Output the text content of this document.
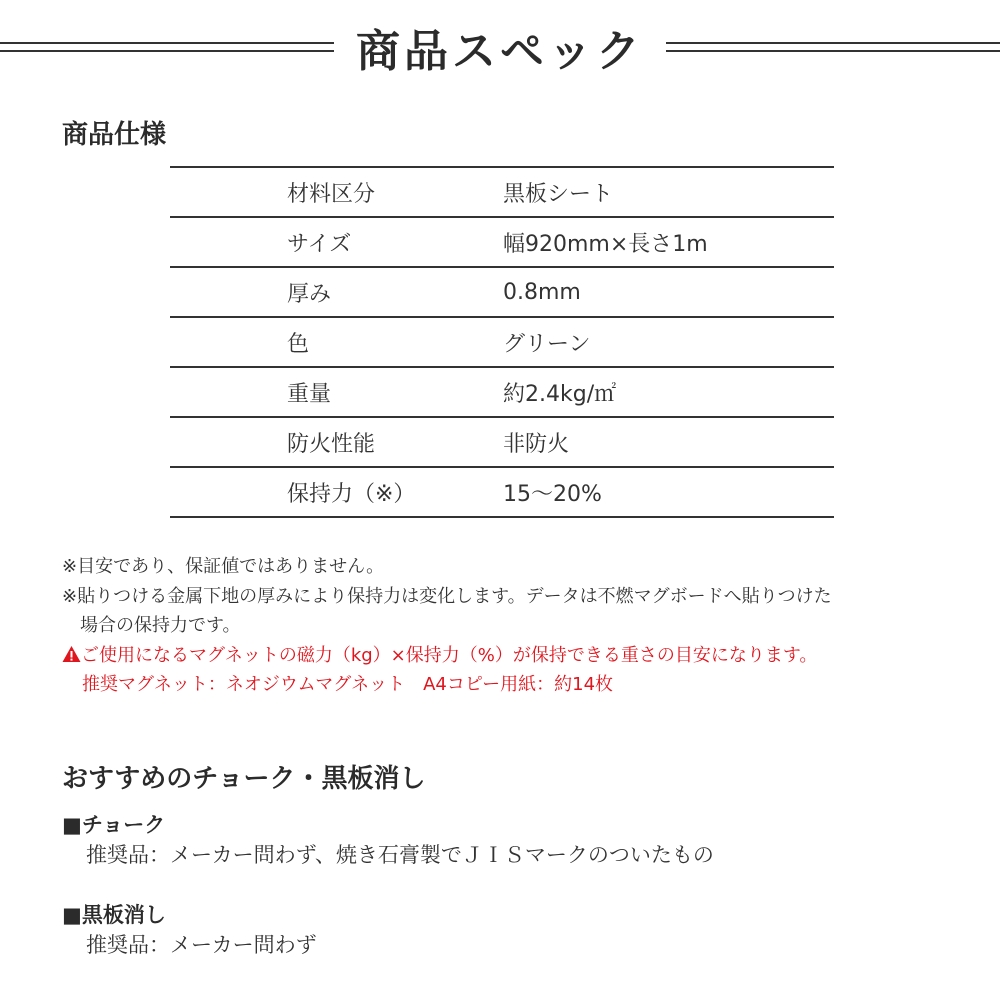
商品スペック
商品仕様
材料区分	黒板シート
サイズ	幅920mm×長さ1m
厚み	0.8mm
色	グリーン
重量	約2.4kg/㎡
防火性能	非防火
保持力（※）	15〜20%
※目安であり、保証値ではありません。
※貼りつける金属下地の厚みにより保持力は変化します。データは不燃マグボードへ貼りつけた
場合の保持力です。
ご使用になるマグネットの磁力（kg）×保持力（%）が保持できる重さの目安になります。
推奨マグネット：ネオジウムマグネット　A4コピー用紙：約14枚
おすすめのチョーク・黒板消し
■チョーク
推奨品：メーカー問わず、焼き石膏製でＪＩＳマークのついたもの
■黒板消し
推奨品：メーカー問わず
